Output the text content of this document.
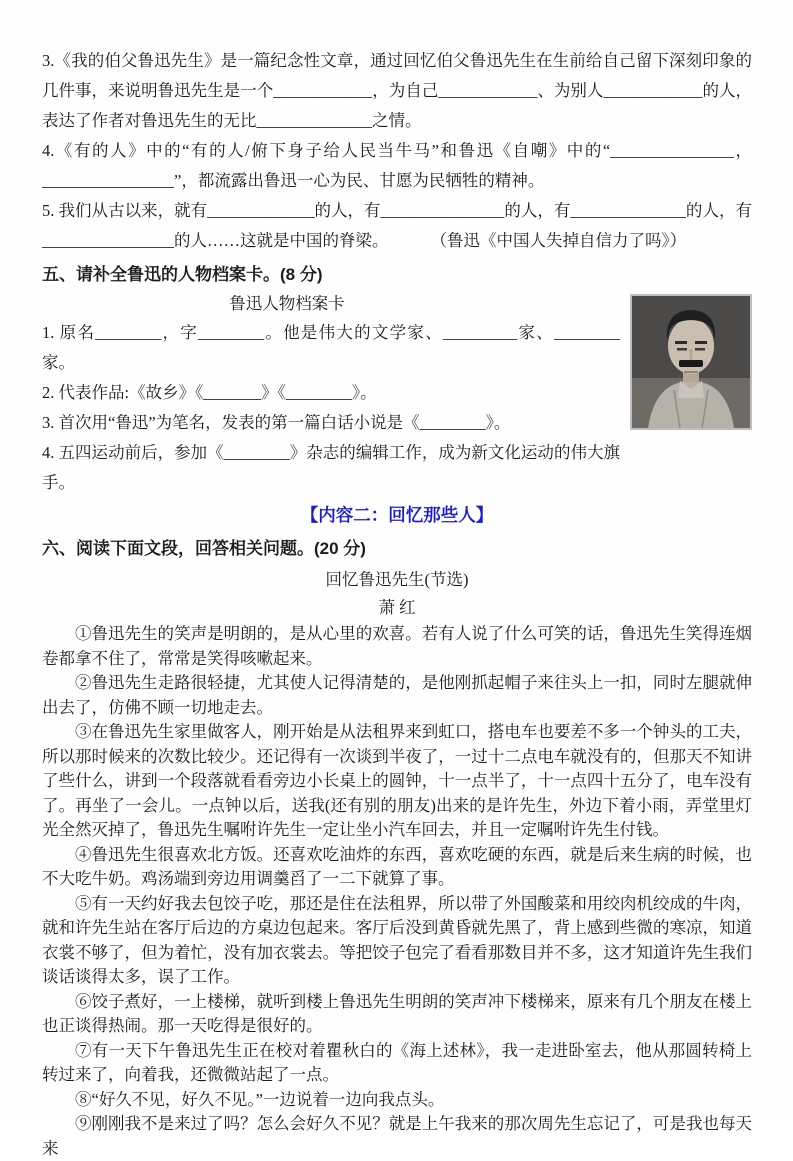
3.《我的伯父鲁迅先生》是一篇纪念性文章，通过回忆伯父鲁迅先生在生前给自己留下深刻印象的几件事，来说明鲁迅先生是一个____________，为自己____________、为别人____________的人，表达了作者对鲁迅先生的无比______________之情。

4.《有的人》中的“有的人/俯下身子给人民当牛马”和鲁迅《自嘲》中的“_______________，________________”，都流露出鲁迅一心为民、甘愿为民牺牲的精神。

5. 我们从古以来，就有_____________的人，有_______________的人，有______________的人，有________________的人……这就是中国的脊梁。	（鲁迅《中国人失掉自信力了吗》）

五、请补全鲁迅的人物档案卡。(8 分)
鲁迅人物档案卡

1. 原名________，字________。他是伟大的文学家、_________家、________家。

2. 代表作品:《故乡》《_______》《________》。

3. 首次用“鲁迅”为笔名，发表的第一篇白话小说是《________》。

4. 五四运动前后，参加《________》杂志的编辑工作，成为新文化运动的伟大旗手。

【内容二：回忆那些人】
六、阅读下面文段，回答相关问题。(20 分)
回忆鲁迅先生(节选)
萧 红

①鲁迅先生的笑声是明朗的，是从心里的欢喜。若有人说了什么可笑的话，鲁迅先生笑得连烟卷都拿不住了，常常是笑得咳嗽起来。

②鲁迅先生走路很轻捷，尤其使人记得清楚的，是他刚抓起帽子来往头上一扣，同时左腿就伸出去了，仿佛不顾一切地走去。

③在鲁迅先生家里做客人，刚开始是从法租界来到虹口，搭电车也要差不多一个钟头的工夫，所以那时候来的次数比较少。还记得有一次谈到半夜了，一过十二点电车就没有的，但那天不知讲了些什么，讲到一个段落就看看旁边小长桌上的圆钟，十一点半了，十一点四十五分了，电车没有了。再坐了一会儿。一点钟以后，送我(还有别的朋友)出来的是许先生，外边下着小雨，弄堂里灯光全然灭掉了，鲁迅先生嘱咐许先生一定让坐小汽车回去，并且一定嘱咐许先生付钱。

④鲁迅先生很喜欢北方饭。还喜欢吃油炸的东西，喜欢吃硬的东西，就是后来生病的时候，也不大吃牛奶。鸡汤端到旁边用调羹舀了一二下就算了事。

⑤有一天约好我去包饺子吃，那还是住在法租界，所以带了外国酸菜和用绞肉机绞成的牛肉，就和许先生站在客厅后边的方桌边包起来。客厅后没到黄昏就先黑了，背上感到些微的寒凉，知道衣裳不够了，但为着忙，没有加衣裳去。等把饺子包完了看看那数目并不多，这才知道许先生我们谈话谈得太多，误了工作。

⑥饺子煮好，一上楼梯，就听到楼上鲁迅先生明朗的笑声冲下楼梯来，原来有几个朋友在楼上也正谈得热闹。那一天吃得是很好的。

⑦有一天下午鲁迅先生正在校对着瞿秋白的《海上述林》，我一走进卧室去，他从那圆转椅上转过来了，向着我，还微微站起了一点。

⑧“好久不见，好久不见。”一边说着一边向我点头。

⑨刚刚我不是来过了吗？怎么会好久不见？就是上午我来的那次周先生忘记了，可是我也每天来
